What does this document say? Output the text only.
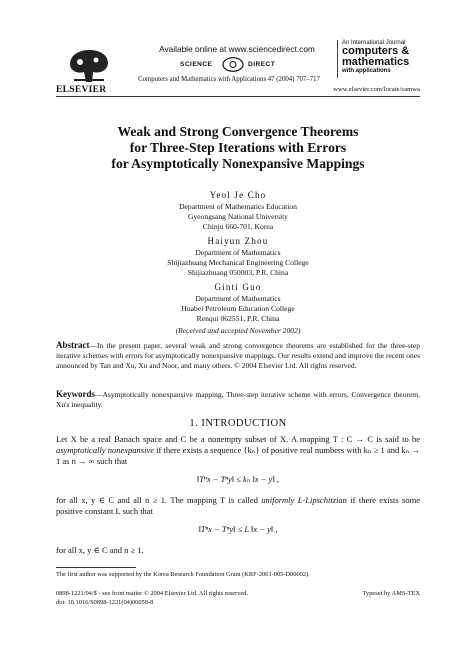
ELSEVIER
Available online at www.sciencedirect.com
SCIENCE	DIRECT
Computers and Mathematics with Applications 47 (2004) 707–717
An International Journal
computers &
mathematics
with applications
www.elsevier.com/locate/camwa
Weak and Strong Convergence Theorems
for Three-Step Iterations with Errors
for Asymptotically Nonexpansive Mappings
Yeol Je Cho
Department of Mathematics Education
Gyeongsang National University
Chinju 660-701, Korea
Haiyun Zhou
Department of Mathematics
Shijiazhuang Mechanical Engineering College
Shijiazhuang 050003, P.R. China
Ginti Guo
Department of Mathematics
Huabei Petroleum Education College
Renqui 062551, P.R. China
(Received and accepted November 2002)
Abstract—In the present paper, several weak and strong convergence theorems are established for the three-step iterative schemes with errors for asymptotically nonexpansive mappings. Our results extend and improve the recent ones announced by Tan and Xu, Xu and Noor, and many others. © 2004 Elsevier Ltd. All rights reserved.
Keywords—Asymptotically nonexpansive mapping, Three-step iterative scheme with errors, Convergence theorem, Xu's inequality.
1. INTRODUCTION
Let X be a real Banach space and C be a nonempty subset of X. A mapping T : C → C is said to be asymptotically nonexpansive if there exists a sequence {kₙ} of positive real numbers with kₙ ≥ 1 and kₙ → 1 as n → ∞ such that
‖Tⁿx − Tⁿy‖ ≤ kₙ ‖x − y‖ ,
for all x, y ∈ C and all n ≥ 1. The mapping T is called uniformly L-Lipschitzian if there exists some positive constant L such that
‖Tⁿx − Tⁿy‖ ≤ L ‖x − y‖ ,
for all x, y ∈ C and n ≥ 1.
The first author was supported by the Korea Research Foundation Grant (KRF-2001-005-D00002).
0898-1221/04/$ - see front matter © 2004 Elsevier Ltd. All rights reserved.
doi: 10.1016/S0898-1221(04)00059-8
Typeset by AMS-TEX
